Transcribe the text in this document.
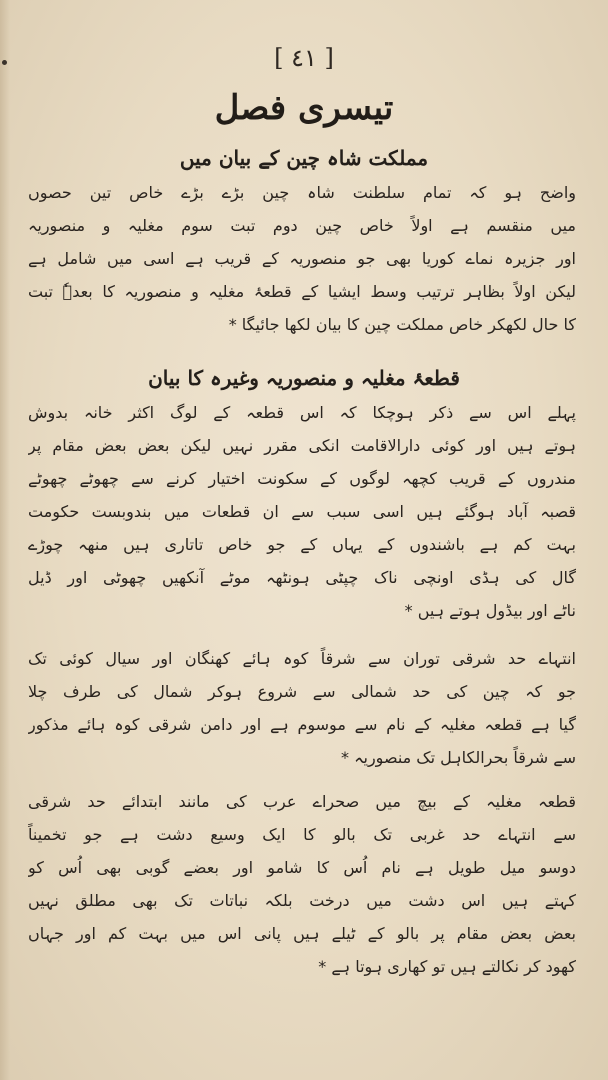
[ ٤١ ]
تیسری فصل
مملکت شاہ چین کے بیان میں
واضح ہو کہ تمام سلطنت شاہ چین بڑے بڑے خاص تین حصوں
میں منقسم ہے اولاً خاص چین دوم تبت سوم مغلیہ و منصوریہ
اور جزیرہ نماے کوریا بھی جو منصوریہ کے قریب ہے اسی میں شامل ہے
لیکن اولاً بظاہر ترتیب وسط ایشیا کے قطعۂ مغلیہ و منصوریہ کا بعدہٗ تبت
کا حال لکھکر خاص مملکت چین کا بیان لکھا جائیگا *
قطعۂ مغلیہ و منصوریہ وغیرہ کا بیان
پہلے اس سے ذکر ہوچکا کہ اس قطعہ کے لوگ اکثر خانہ بدوش
ہوتے ہیں اور کوئی دارالاقامت انکی مقرر نہیں لیکن بعض بعض مقام پر
مندروں کے قریب کچھہ لوگوں کے سکونت اختیار کرنے سے چھوٹے چھوٹے
قصبہ آباد ہوگئے ہیں اسی سبب سے ان قطعات میں بندوبست حکومت
بہت کم ہے باشندوں کے یہاں کے جو خاص تاتاری ہیں منھہ چوڑے
گال کی ہڈی اونچی ناک چپٹی ہونٹھہ موٹے آنکھیں چھوٹی اور ڈیل
ناٹے اور بیڈول ہوتے ہیں *
انتہاے حد شرقی توران سے شرقاً کوہ ہائے کھنگان اور سیال کوئی تک
جو کہ چین کی حد شمالی سے شروع ہوکر شمال کی طرف چلا
گیا ہے قطعہ مغلیہ کے نام سے موسوم ہے اور دامن شرقی کوہ ہائے مذکور
سے شرقاً بحرالکاہل تک منصوریہ *
قطعہ مغلیہ کے بیچ میں صحراے عرب کی مانند ابتدائے حد شرقی
سے انتہاے حد غربی تک بالو کا ایک وسیع دشت ہے جو تخمیناً
دوسو میل طویل ہے نام اُس کا شامو اور بعضے گوبی بھی اُس کو
کہتے ہیں اس دشت میں درخت بلکہ نباتات تک بھی مطلق نہیں
بعض بعض مقام پر بالو کے ٹیلے ہیں پانی اس میں بہت کم اور جہاں
کھود کر نکالتے ہیں تو کھاری ہوتا ہے *
